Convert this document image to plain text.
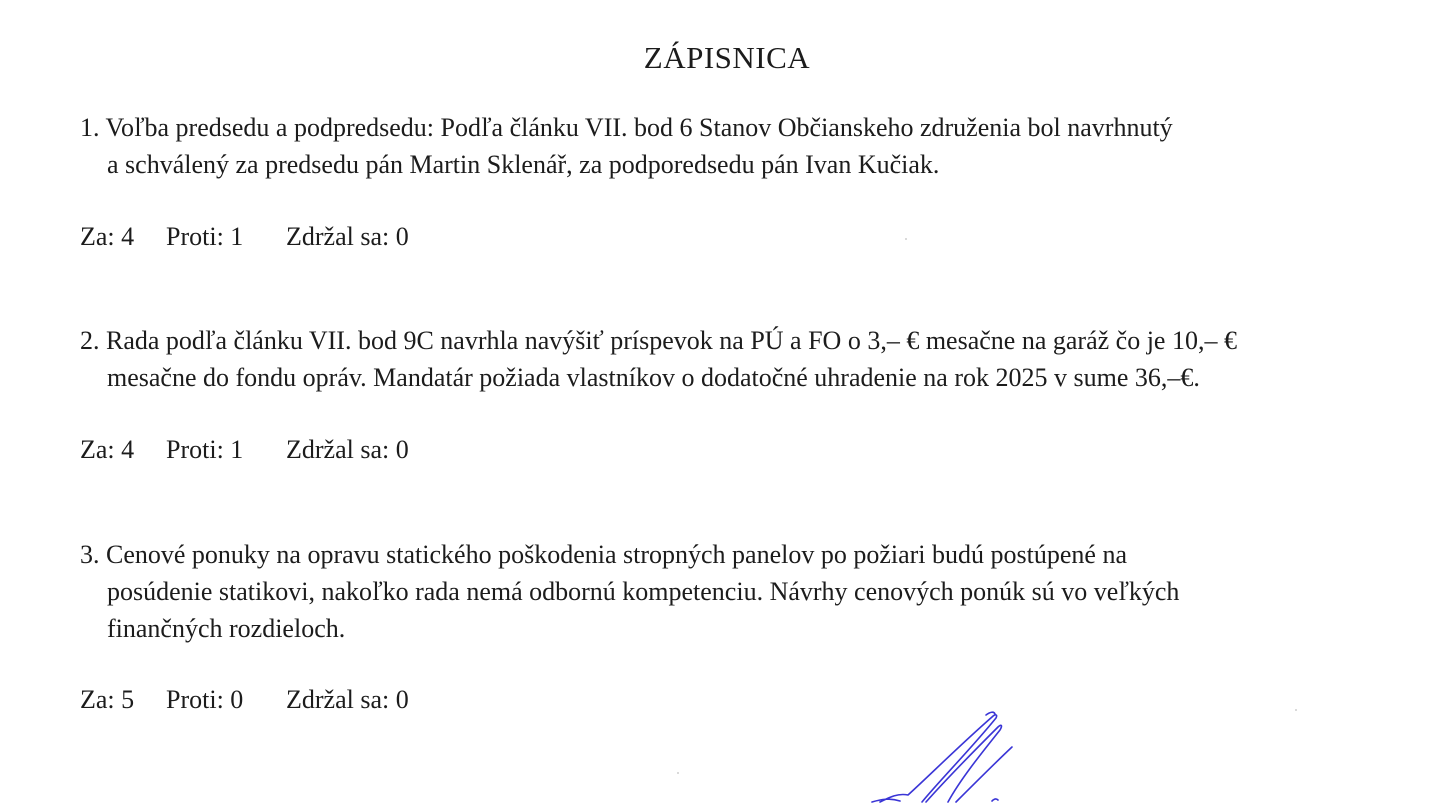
ZÁPISNICA
1. Voľba predsedu a podpredsedu: Podľa článku VII. bod 6 Stanov Občianskeho združenia bol navrhnutý
a schválený za predsedu pán Martin Sklenář, za podporedsedu pán Ivan Kučiak.
Za: 4 Proti: 1 Zdržal sa: 0
2. Rada podľa článku VII. bod 9C navrhla navýšiť príspevok na PÚ a FO o 3,– € mesačne na garáž čo je 10,– €
mesačne do fondu opráv. Mandatár požiada vlastníkov o dodatočné uhradenie na rok 2025 v sume 36,–€.
Za: 4 Proti: 1 Zdržal sa: 0
3. Cenové ponuky na opravu statického poškodenia stropných panelov po požiari budú postúpené na
posúdenie statikovi, nakoľko rada nemá odbornú kompetenciu. Návrhy cenových ponúk sú vo veľkých
finančných rozdieloch.
Za: 5 Proti: 0 Zdržal sa: 0
